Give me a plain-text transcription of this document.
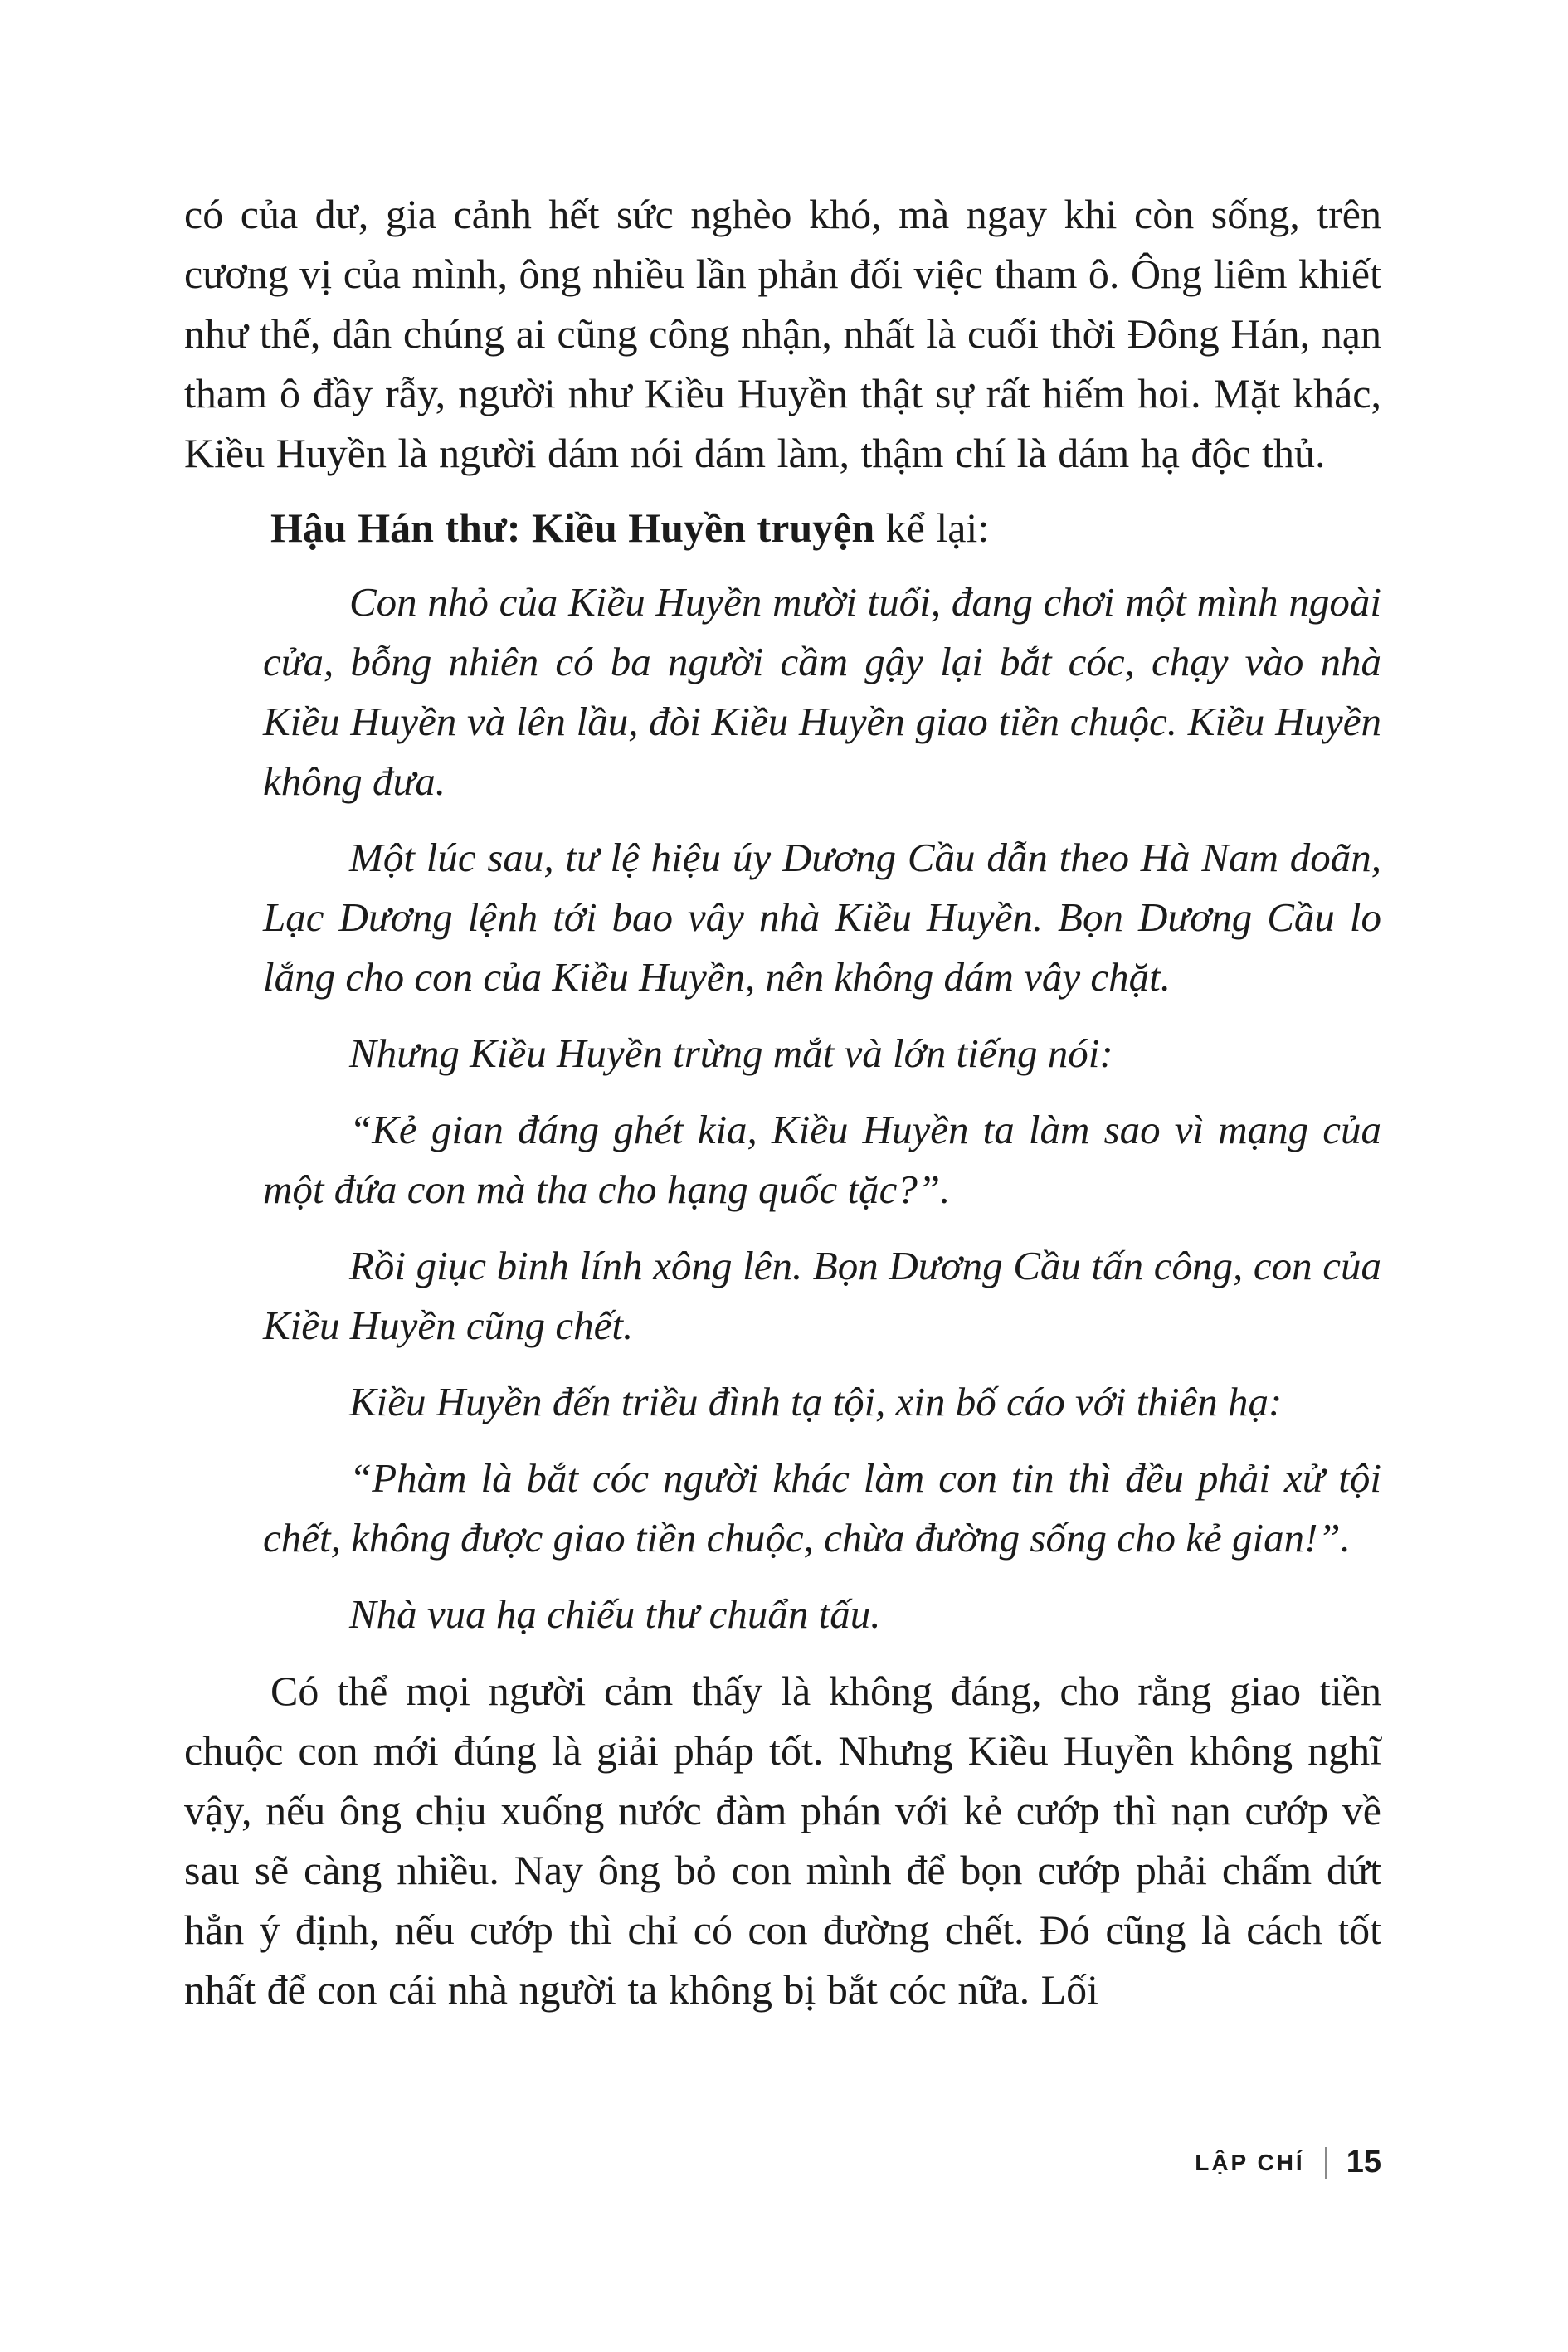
có của dư, gia cảnh hết sức nghèo khó, mà ngay khi còn sống, trên cương vị của mình, ông nhiều lần phản đối việc tham ô. Ông liêm khiết như thế, dân chúng ai cũng công nhận, nhất là cuối thời Đông Hán, nạn tham ô đầy rẫy, người như Kiều Huyền thật sự rất hiếm hoi. Mặt khác, Kiều Huyền là người dám nói dám làm, thậm chí là dám hạ độc thủ.

Hậu Hán thư: Kiều Huyền truyện kể lại:

Con nhỏ của Kiều Huyền mười tuổi, đang chơi một mình ngoài cửa, bỗng nhiên có ba người cầm gậy lại bắt cóc, chạy vào nhà Kiều Huyền và lên lầu, đòi Kiều Huyền giao tiền chuộc. Kiều Huyền không đưa.

Một lúc sau, tư lệ hiệu úy Dương Cầu dẫn theo Hà Nam doãn, Lạc Dương lệnh tới bao vây nhà Kiều Huyền. Bọn Dương Cầu lo lắng cho con của Kiều Huyền, nên không dám vây chặt.

Nhưng Kiều Huyền trừng mắt và lớn tiếng nói:

“Kẻ gian đáng ghét kia, Kiều Huyền ta làm sao vì mạng của một đứa con mà tha cho hạng quốc tặc?”.

Rồi giục binh lính xông lên. Bọn Dương Cầu tấn công, con của Kiều Huyền cũng chết.

Kiều Huyền đến triều đình tạ tội, xin bố cáo với thiên hạ:

“Phàm là bắt cóc người khác làm con tin thì đều phải xử tội chết, không được giao tiền chuộc, chừa đường sống cho kẻ gian!”.

Nhà vua hạ chiếu thư chuẩn tấu.

Có thể mọi người cảm thấy là không đáng, cho rằng giao tiền chuộc con mới đúng là giải pháp tốt. Nhưng Kiều Huyền không nghĩ vậy, nếu ông chịu xuống nước đàm phán với kẻ cướp thì nạn cướp về sau sẽ càng nhiều. Nay ông bỏ con mình để bọn cướp phải chấm dứt hẳn ý định, nếu cướp thì chỉ có con đường chết. Đó cũng là cách tốt nhất để con cái nhà người ta không bị bắt cóc nữa. Lối

LẬP CHÍ 15
